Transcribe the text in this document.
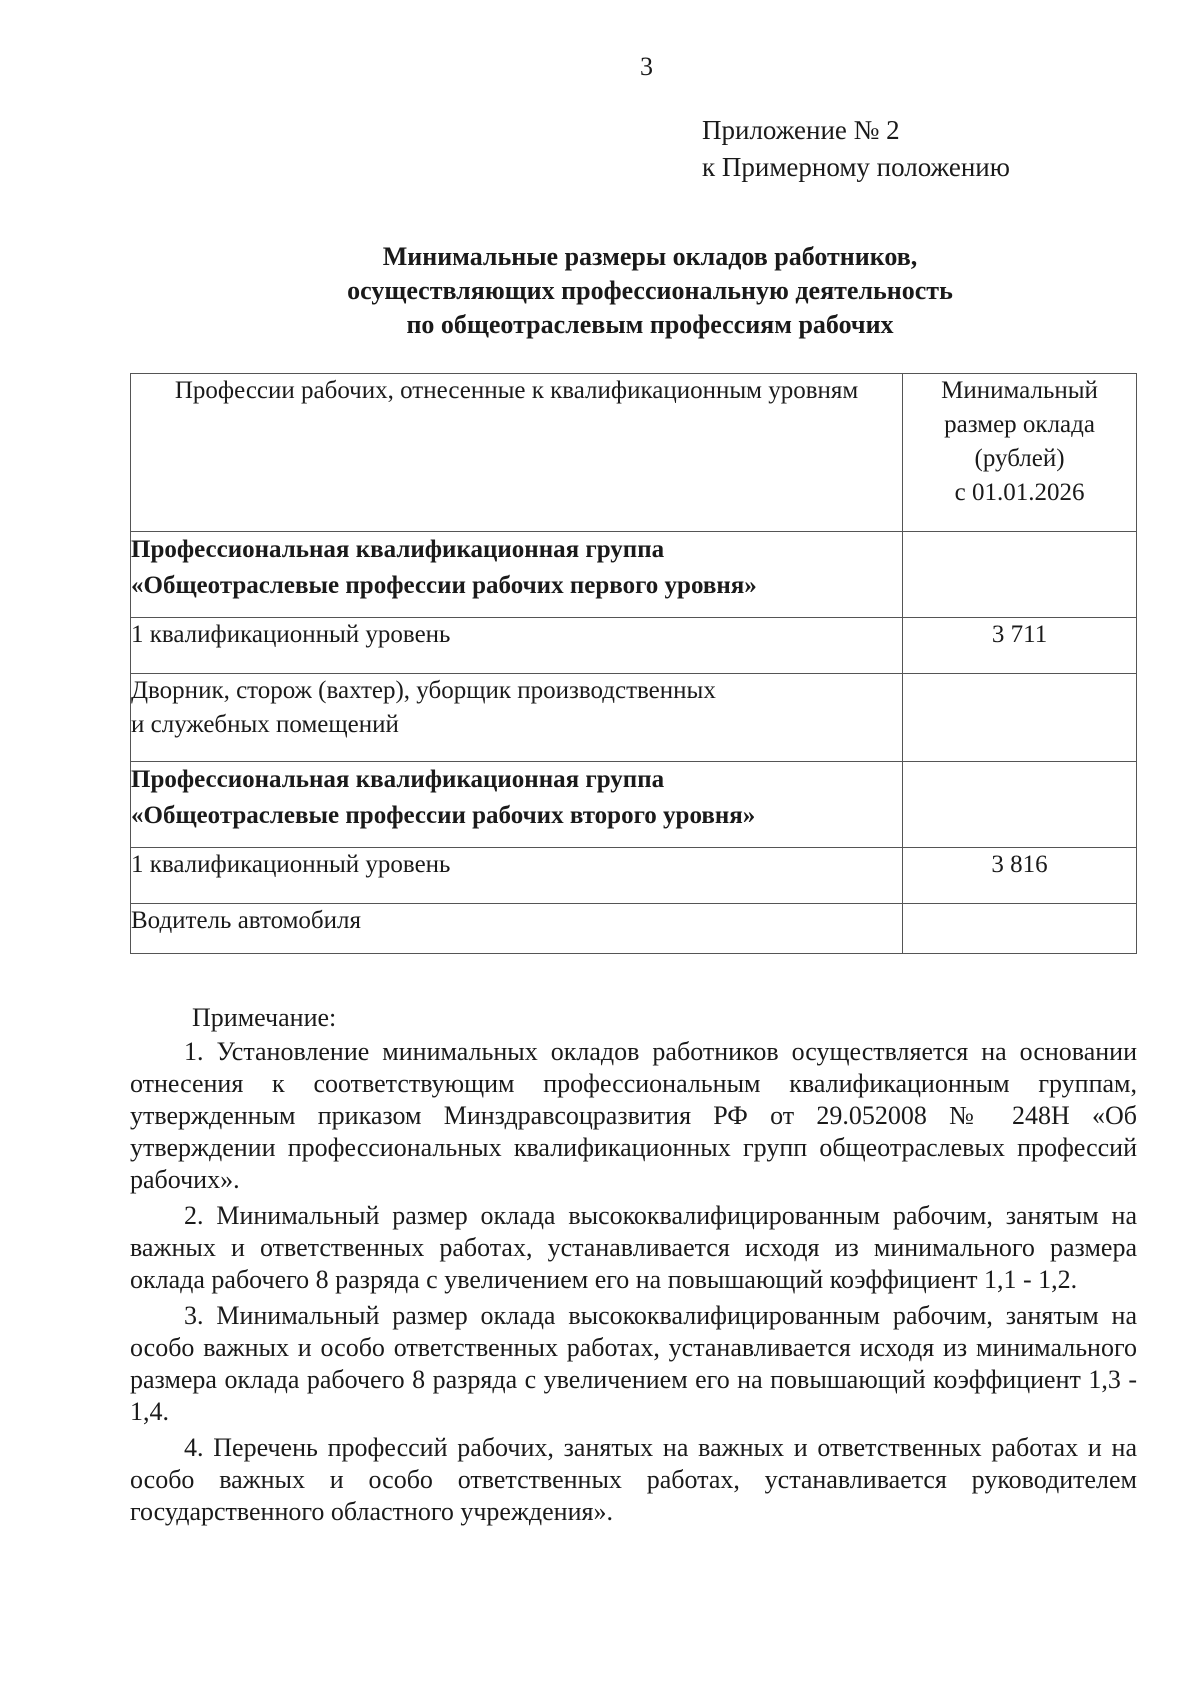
3
Приложение № 2
к Примерному положению
Минимальные размеры окладов работников,
осуществляющих профессиональную деятельность
по общеотраслевым профессиям рабочих
Профессии рабочих, отнесенные к квалификационным уровням	Минимальный
размер оклада
(рублей)
с 01.01.2026

Профессиональная квалификационная группа
«Общеотраслевые профессии рабочих первого уровня»	

1 квалификационный уровень	3 711

Дворник, сторож (вахтер), уборщик производственных
и служебных помещений	

Профессиональная квалификационная группа
«Общеотраслевые профессии рабочих второго уровня»	

1 квалификационный уровень	3 816
Водитель автомобиля	
Примечание:

1. Установление минимальных окладов работников осуществляется на основании отнесения к соответствующим профессиональным квалификационным группам, утвержденным приказом Минздравсоцразвития РФ от 29.052008 № 248Н «Об утверждении профессиональных квалификационных групп общеотраслевых профессий рабочих».

2. Минимальный размер оклада высококвалифицированным рабочим, занятым на важных и ответственных работах, устанавливается исходя из минимального размера оклада рабочего 8 разряда с увеличением его на повышающий коэффициент 1,1 - 1,2.

3. Минимальный размер оклада высококвалифицированным рабочим, занятым на особо важных и особо ответственных работах, устанавливается исходя из минимального размера оклада рабочего 8 разряда с увеличением его на повышающий коэффициент 1,3 - 1,4.

4. Перечень профессий рабочих, занятых на важных и ответственных работах и на особо важных и особо ответственных работах, устанавливается руководителем государственного областного учреждения».
